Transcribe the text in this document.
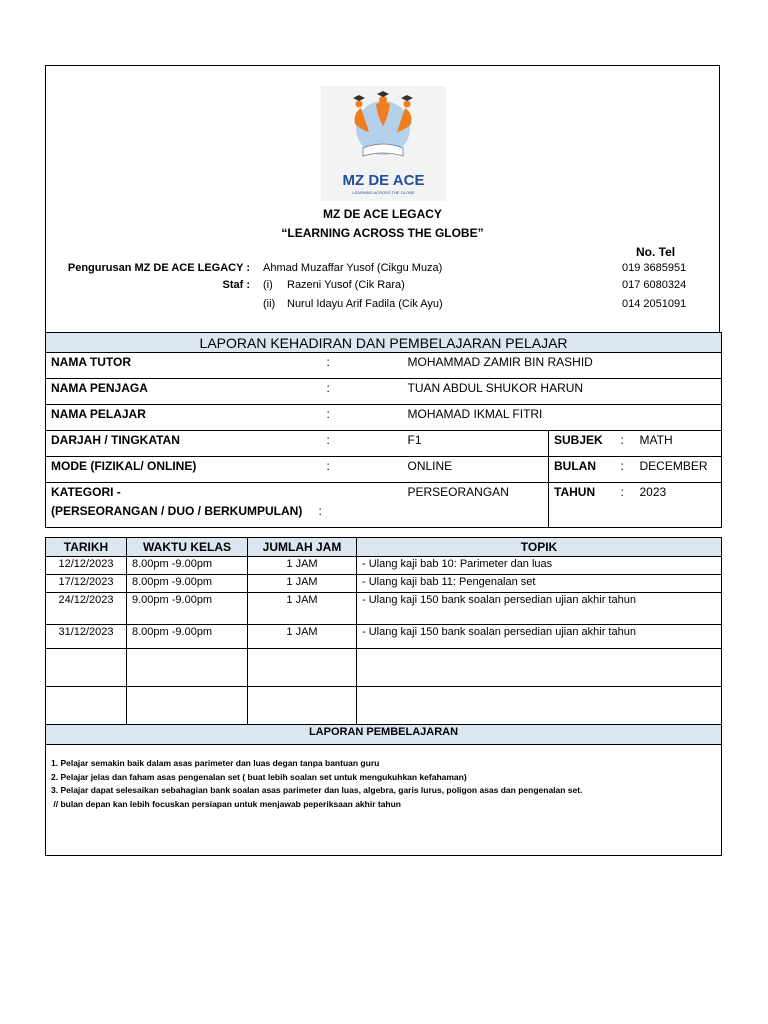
MZ DE ACE
LEARNING ACROSS THE GLOBE
MZ DE ACE LEGACY
“LEARNING ACROSS THE GLOBE”
No. Tel
Pengurusan MZ DE ACE LEGACY : Ahmad Muzaffar Yusof (Cikgu Muza)	019 3685951
Staf : (i) Razeni Yusof (Cik Rara)	017 6080324
(ii) Nurul Idayu Arif Fadila (Cik Ayu)	014 2051091
LAPORAN KEHADIRAN DAN PEMBELAJARAN PELAJAR					
NAMA TUTOR	:	MOHAMMAD ZAMIR BIN RASHID			
NAMA PENJAGA	:	TUAN ABDUL SHUKOR HARUN			
NAMA PELAJAR	:	MOHAMAD IKMAL FITRI			
DARJAH / TINGKATAN	:	F1	SUBJEK	:	MATH
MODE (FIZIKAL/ ONLINE)	:	ONLINE	BULAN	:	DECEMBER

KATEGORI -
(PERSEORANGAN / DUO / BERKUMPULAN)	:	PERSEORANGAN	TAHUN	:	2023
TARIKH	WAKTU KELAS	JUMLAH JAM	TOPIK
12/12/2023	8.00pm -9.00pm	1 JAM	- Ulang kaji bab 10: Parimeter dan luas
17/12/2023	8.00pm -9.00pm	1 JAM	- Ulang kaji bab 11: Pengenalan set
24/12/2023	9.00pm -9.00pm	1 JAM	- Ulang kaji 150 bank soalan persedian ujian akhir tahun
31/12/2023	8.00pm -9.00pm	1 JAM	- Ulang kaji 150 bank soalan persedian ujian akhir tahun

LAPORAN PEMBELAJARAN			

1. Pelajar semakin baik dalam asas parimeter dan luas degan tanpa bantuan guru
2. Pelajar jelas dan faham asas pengenalan set ( buat lebih soalan set untuk mengukuhkan kefahaman)
3. Pelajar dapat selesaikan sebahagian bank soalan asas parimeter dan luas, algebra, garis lurus, poligon asas dan pengenalan set.
// bulan depan kan lebih focuskan persiapan untuk menjawab peperiksaan akhir tahun			
